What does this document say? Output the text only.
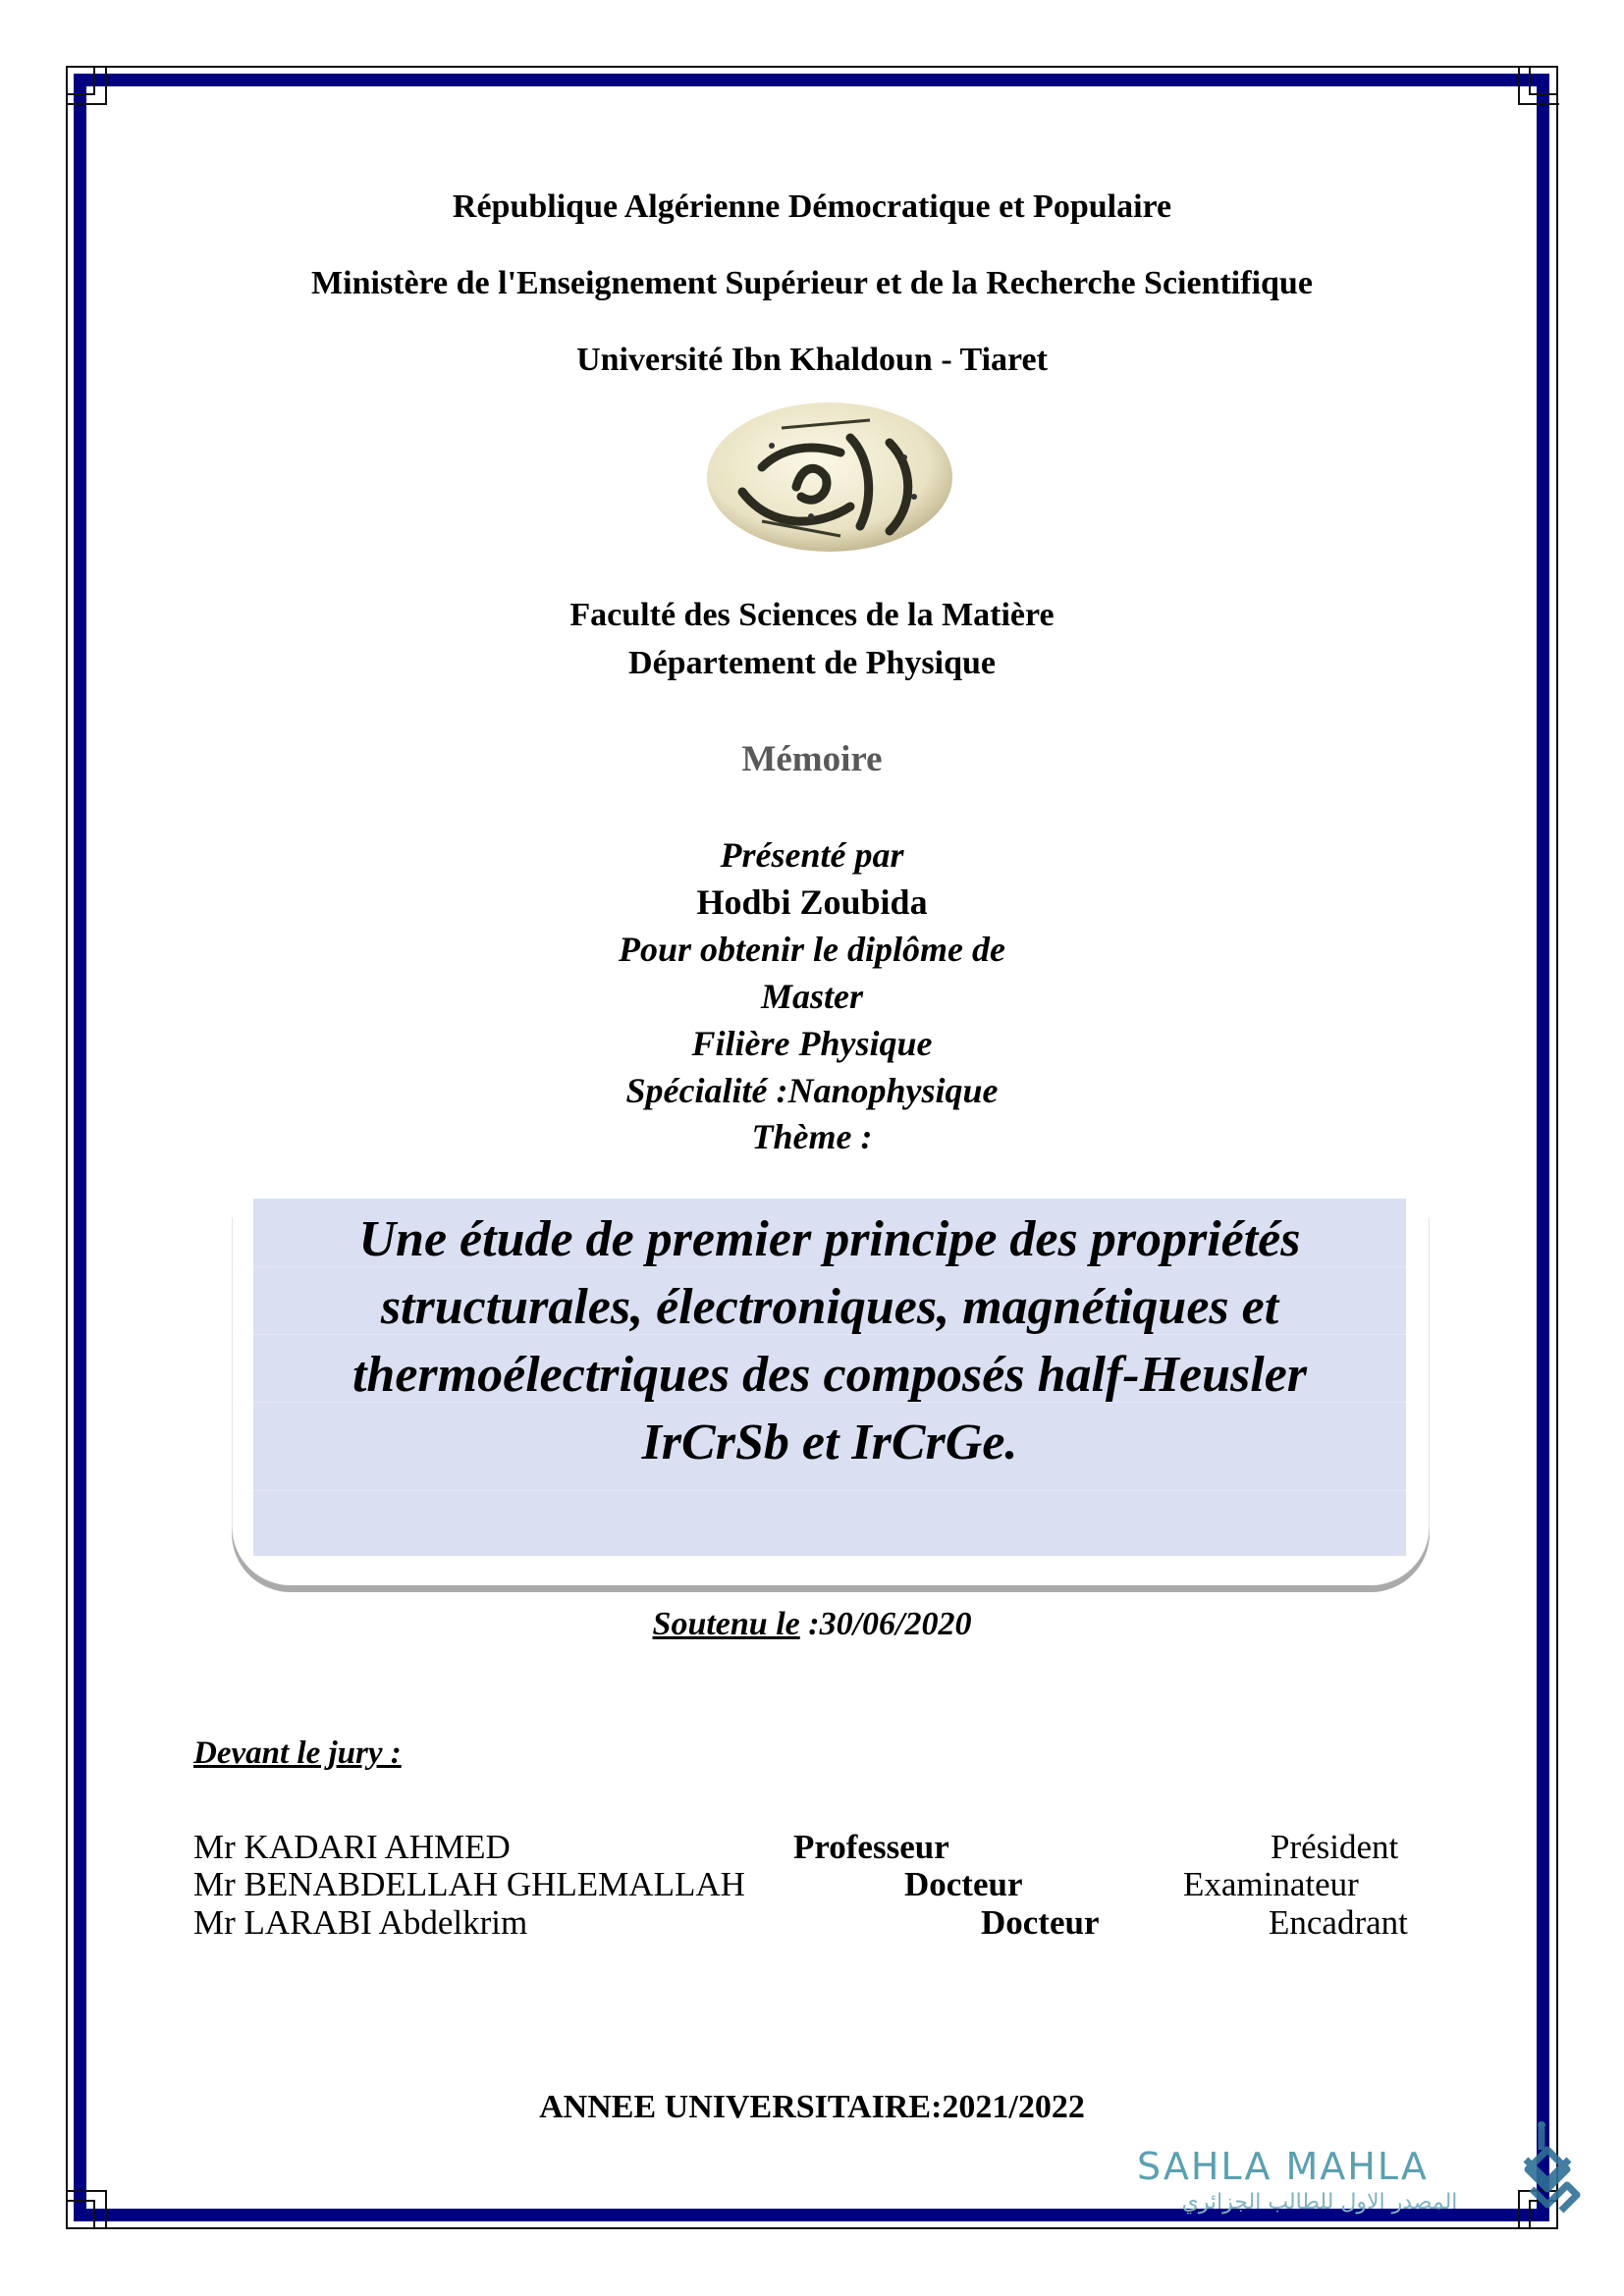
République Algérienne Démocratique et Populaire
Ministère de l'Enseignement Supérieur et de la Recherche Scientifique
Université Ibn Khaldoun - Tiaret
Faculté des Sciences de la Matière
Département de Physique
Mémoire
Présenté par
Hodbi Zoubida
Pour obtenir le diplôme de
Master
Filière Physique
Spécialité :Nanophysique
Thème :
Une étude de premier principe des propriétés
structurales, électroniques, magnétiques et
thermoélectriques des composés half-Heusler
IrCrSb et IrCrGe.
Soutenu le :30/06/2020
Devant le jury :
Mr KADARI AHMED	Professeur	Président
Mr BENABDELLAH GHLEMALLAH	Docteur	Examinateur
Mr LARABI Abdelkrim	Docteur	Encadrant
ANNEE UNIVERSITAIRE:2021/2022
SAHLA MAHLA
المصدر الاول للطالب الجزائري
